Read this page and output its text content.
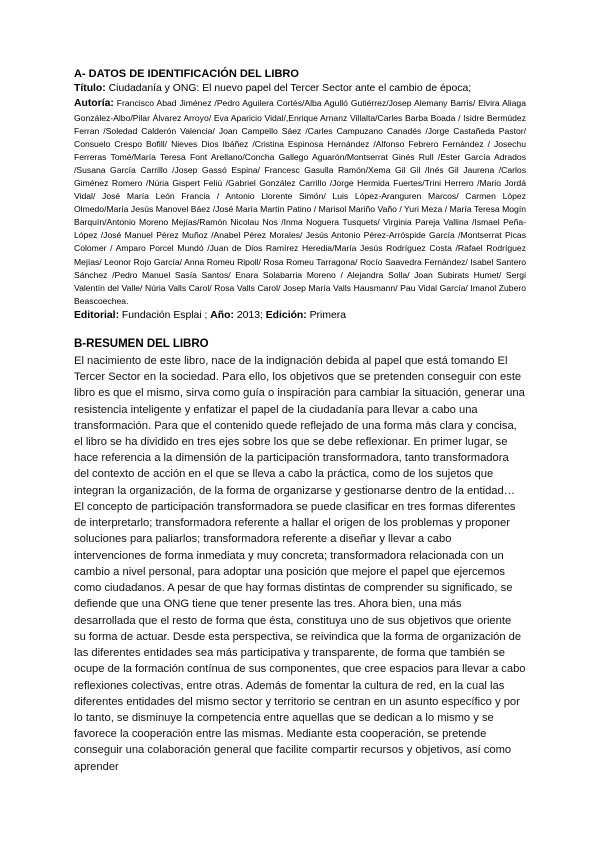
A- DATOS DE IDENTIFICACIÓN DEL LIBRO
Título: Ciudadanía y ONG: El nuevo papel del Tercer Sector ante el cambio de época;

Autoría: Francisco Abad Jiménez /Pedro Aguilera Cortés/Alba Agulló Gutiérrez/Josep Alemany Barris/ Elvira Aliaga González-Albo/Pilar Álvarez Arroyo/ Eva Aparicio Vidal/,Enrique Arnanz Villalta/Carles Barba Boada / Isidre Bermúdez Ferran /Soledad Calderón Valencia/ Joan Campello Sáez /Carles Campuzano Canadés /Jorge Castañeda Pastor/ Consuelo Crespo Bofill/ Nieves Dios Ibáñez /Cristina Espinosa Hernández /Alfonso Febrero Fernández / Josechu Ferreras Tomé/María Teresa Font Arellano/Concha Gallego Aguarón/Montserrat Ginés Rull /Ester García Adrados /Susana García Carrillo /Josep Gassó Espina/ Francesc Gasulla Ramón/Xema Gil Gil /Inés Gil Jaurena /Carlos Giménez Romero /Núria Gispert Feliú /Gabriel González Carrillo /Jorge Hermida Fuertes/Trini Herrero /Mario Jordá Vidal/ José María León Francia / Antonio Llorente Simón/ Luis López-Aranguren Marcos/ Carmen López Olmedo/María Jesús Manovel Báez /José María Martín Patino / Marisol Mariño Vaño / Yuri Meza / María Teresa Mogín Barquín/Antonio Moreno Mejías/Ramón Nicolau Nos /Inma Noguera Tusquets/ Virginia Pareja Vallina /Ismael Peña-López /José Manuel Pérez Muñoz /Anabel Pérez Morales/ Jesús Antonio Pérez-Arróspide García /Montserrat Picas Colomer / Amparo Porcel Mundó /Juan de Dios Ramírez Heredia/María Jesús Rodríguez Costa /Rafael Rodríguez Mejías/ Leonor Rojo García/ Anna Romeu Ripoll/ Rosa Romeu Tarragona/ Rocío Saavedra Fernández/ Isabel Santero Sánchez /Pedro Manuel Sasía Santos/ Enara Solabarria Moreno / Alejandra Solla/ Joan Subirats Humet/ Sergi Valentín del Valle/ Núria Valls Carol/ Rosa Valls Carol/ Josep María Valls Hausmann/ Pau Vidal García/ Imanol Zubero Beascoechea.

Editorial: Fundación Esplai ; Año: 2013; Edición: Primera
B-RESUMEN DEL LIBRO

El nacimiento de este libro, nace de la indignación debida al papel que está tomando El Tercer Sector en la sociedad. Para ello, los objetivos que se pretenden conseguir con este libro es que el mismo, sirva como guía o inspiración para cambiar la situación, generar una resistencia inteligente y enfatizar el papel de la ciudadanía para llevar a cabo una transformación. Para que el contenido quede reflejado de una forma más clara y concisa, el libro se ha dividido en tres ejes sobre los que se debe reflexionar. En primer lugar, se hace referencia a la dimensión de la participación transformadora, tanto transformadora del contexto de acción en el que se lleva a cabo la práctica, como de los sujetos que integran la organización, de la forma de organizarse y gestionarse dentro de la entidad… El concepto de participación transformadora se puede clasificar en tres formas diferentes de interpretarlo; transformadora referente a hallar el origen de los problemas y proponer soluciones para paliarlos; transformadora referente a diseñar y llevar a cabo intervenciones de forma inmediata y muy concreta; transformadora relacionada con un cambio a nivel personal, para adoptar una posición que mejore el papel que ejercemos como ciudadanos. A pesar de que hay formas distintas de comprender su significado, se defiende que una ONG tiene que tener presente las tres. Ahora bien, una más desarrollada que el resto de forma que ésta, constituya uno de sus objetivos que oriente su forma de actuar. Desde esta perspectiva, se reivindica que la forma de organización de las diferentes entidades sea más participativa y transparente, de forma que también se ocupe de la formación contínua de sus componentes, que cree espacios para llevar a cabo reflexiones colectivas, entre otras. Además de fomentar la cultura de red, en la cual las diferentes entidades del mismo sector y territorio se centran en un asunto específico y por lo tanto, se disminuye la competencia entre aquellas que se dedican a lo mismo y se favorece la cooperación entre las mismas. Mediante esta cooperación, se pretende conseguir una colaboración general que facilite compartir recursos y objetivos, así como aprender
